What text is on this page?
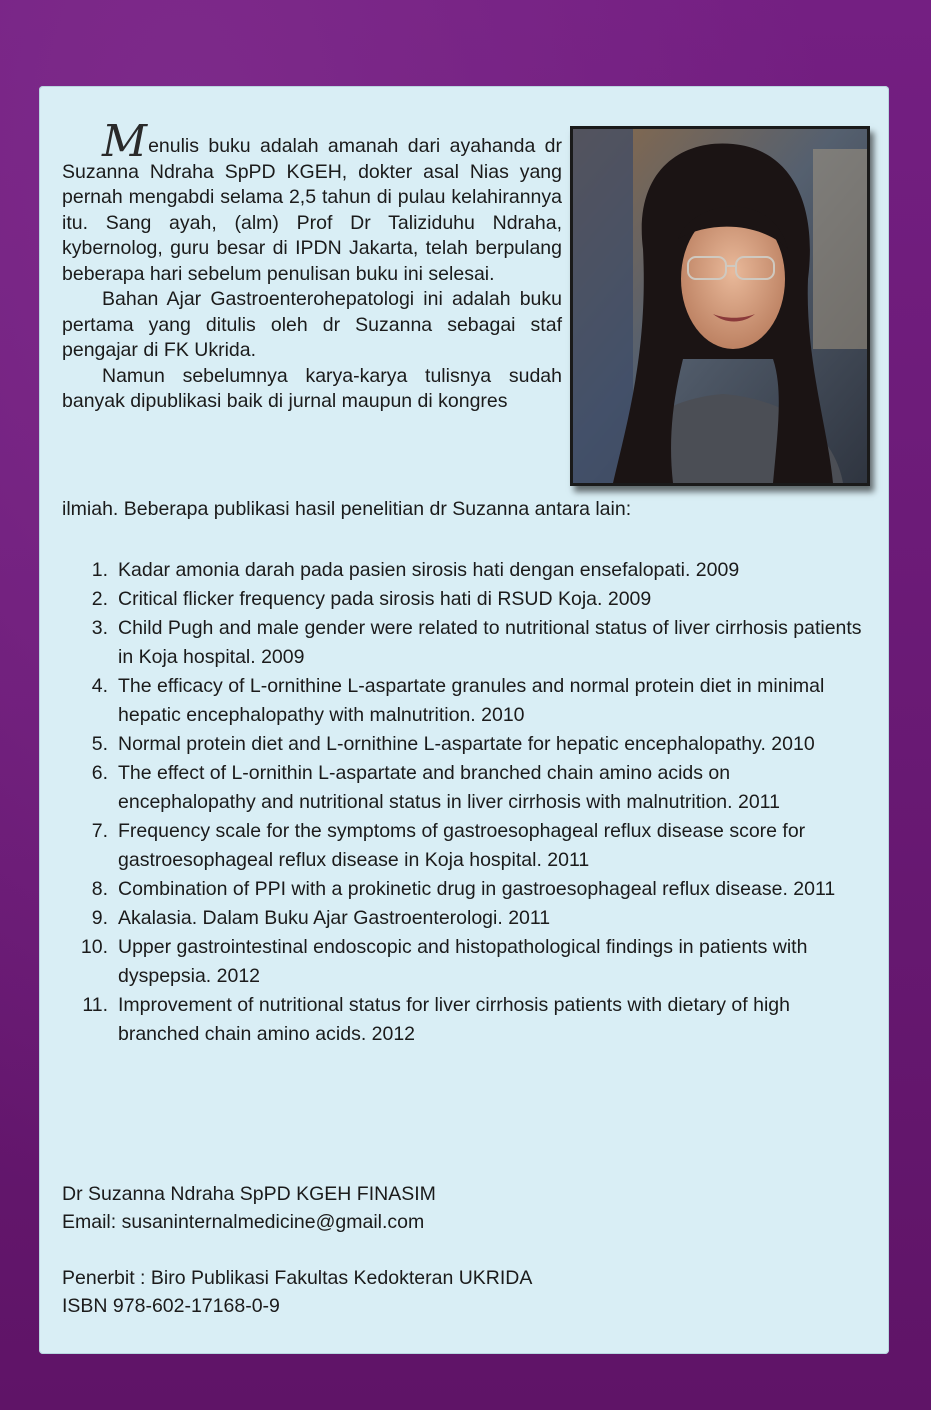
Menulis buku adalah amanah dari ayahanda dr Suzanna Ndraha SpPD KGEH, dokter asal Nias yang pernah mengabdi selama 2,5 tahun di pulau kelahirannya itu. Sang ayah, (alm) Prof Dr Taliziduhu Ndraha, kybernolog, guru besar di IPDN Jakarta, telah berpulang beberapa hari sebelum penulisan buku ini selesai.

Bahan Ajar Gastroenterohepatologi ini adalah buku pertama yang ditulis oleh dr Suzanna sebagai staf pengajar di FK Ukrida.

Namun sebelumnya karya-karya tulisnya sudah banyak dipublikasi baik di jurnal maupun di kongres

ilmiah. Beberapa publikasi hasil penelitian dr Suzanna antara lain:
1. Kadar amonia darah pada pasien sirosis hati dengan ensefalopati. 2009
2. Critical flicker frequency pada sirosis hati di RSUD Koja. 2009
3. Child Pugh and male gender were related to nutritional status of liver cirrhosis patients in Koja hospital. 2009
4. The efficacy of L-ornithine L-aspartate granules and normal protein diet in minimal hepatic encephalopathy with malnutrition. 2010
5. Normal protein diet and L-ornithine L-aspartate for hepatic encephalopathy. 2010
6. The effect of L-ornithin L-aspartate and branched chain amino acids on encephalopathy and nutritional status in liver cirrhosis with malnutrition. 2011
7. Frequency scale for the symptoms of gastroesophageal reflux disease score for gastroesophageal reflux disease in Koja hospital. 2011
8. Combination of PPI with a prokinetic drug in gastroesophageal reflux disease. 2011
9. Akalasia. Dalam Buku Ajar Gastroenterologi. 2011
10. Upper gastrointestinal endoscopic and histopathological findings in patients with dyspepsia. 2012
11. Improvement of nutritional status for liver cirrhosis patients with dietary of high branched chain amino acids. 2012

Dr Suzanna Ndraha SpPD KGEH FINASIM

Email: susaninternalmedicine@gmail.com

Penerbit : Biro Publikasi Fakultas Kedokteran UKRIDA

ISBN 978-602-17168-0-9
